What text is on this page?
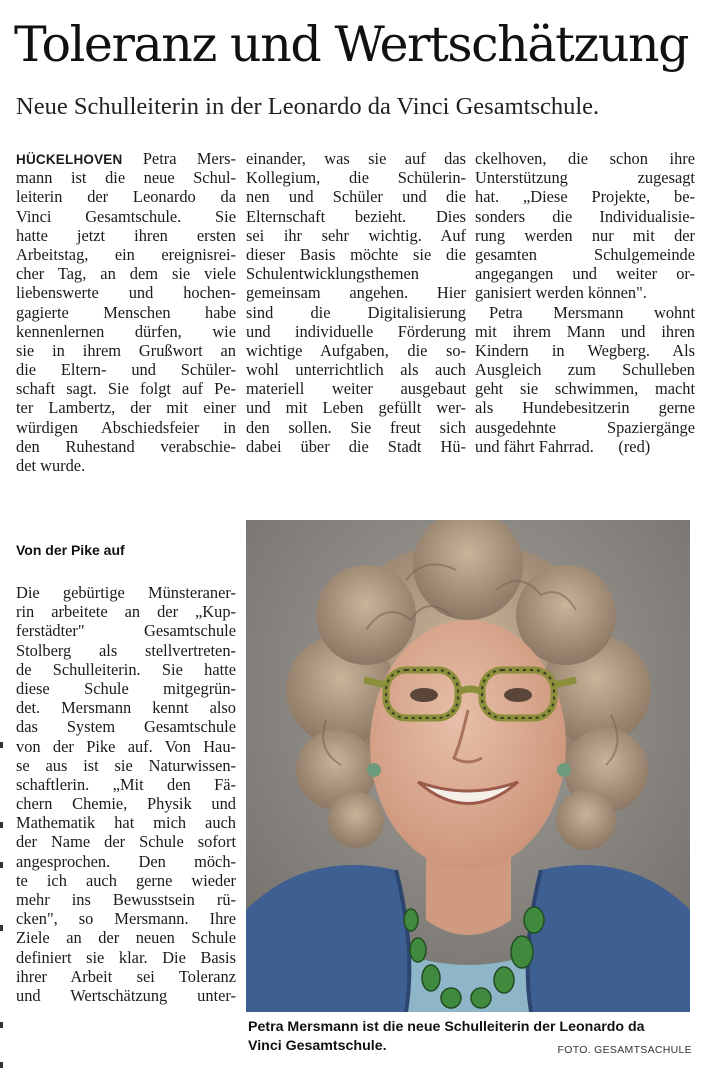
Toleranz und Wertschätzung

Neue Schulleiterin in der Leonardo da Vinci Gesamtschule.

HÜCKELHOVEN Petra Mers-
mann ist die neue Schul-
leiterin der Leonardo da
Vinci Gesamtschule. Sie
hatte jetzt ihren ersten
Arbeitstag, ein ereignisrei-
cher Tag, an dem sie viele
liebenswerte und hochen-
gagierte Menschen habe
kennenlernen dürfen, wie
sie in ihrem Grußwort an
die Eltern- und Schüler-
schaft sagt. Sie folgt auf Pe-
ter Lambertz, der mit einer
würdigen Abschiedsfeier in
den Ruhestand verabschie-
det wurde.
Von der Pike auf
Die gebürtige Münsteraner-
rin arbeitete an der „Kup-
ferstädter" Gesamtschule
Stolberg als stellvertreten-
de Schulleiterin. Sie hatte
diese Schule mitgegrün-
det. Mersmann kennt also
das System Gesamtschule
von der Pike auf. Von Hau-
se aus ist sie Naturwissen-
schaftlerin. „Mit den Fä-
chern Chemie, Physik und
Mathematik hat mich auch
der Name der Schule sofort
angesprochen. Den möch-
te ich auch gerne wieder
mehr ins Bewusstsein rü-
cken", so Mersmann. Ihre
Ziele an der neuen Schule
definiert sie klar. Die Basis
ihrer Arbeit sei Toleranz
und Wertschätzung unter-
einander, was sie auf das
Kollegium, die Schülerin-
nen und Schüler und die
Elternschaft bezieht. Dies
sei ihr sehr wichtig. Auf
dieser Basis möchte sie die
Schulentwicklungsthemen
gemeinsam angehen. Hier
sind die Digitalisierung
und individuelle Förderung
wichtige Aufgaben, die so-
wohl unterrichtlich als auch
materiell weiter ausgebaut
und mit Leben gefüllt wer-
den sollen. Sie freut sich
dabei über die Stadt Hü-
ckelhoven, die schon ihre
Unterstützung zugesagt
hat. „Diese Projekte, be-
sonders die Individualisie-
rung werden nur mit der
gesamten Schulgemeinde
angegangen und weiter or-
ganisiert werden können".
Petra Mersmann wohnt
mit ihrem Mann und ihren
Kindern in Wegberg. Als
Ausgleich zum Schulleben
geht sie schwimmen, macht
als Hundebesitzerin gerne
ausgedehnte Spaziergänge
und fährt Fahrrad.      (red)
Petra Mersmann ist die neue Schulleiterin der Leonardo da
Vinci Gesamtschule.	FOTO. GESAMTSACHULE
